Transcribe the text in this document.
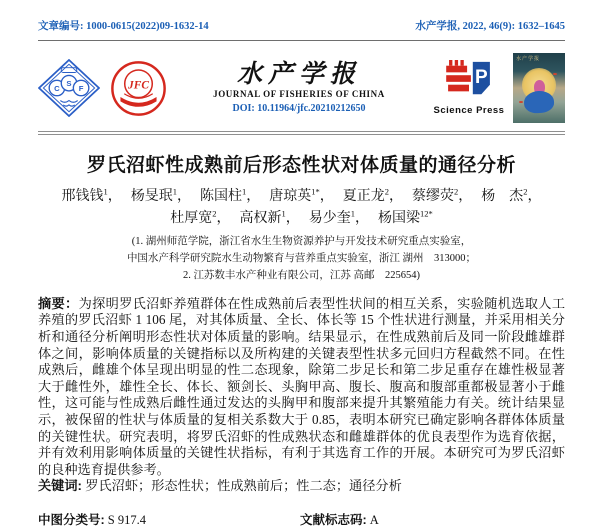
文章编号: 1000-0615(2022)09-1632-14	水产学报, 2022, 46(9): 1632–1645
C
S
F	JFC	水产学报
JOURNAL OF FISHERIES OF CHINA
DOI: 10.11964/jfc.20210212650
P
Science Press
水产学报
罗氏沼虾性成熟前后形态性状对体质量的通径分析
邢钱钱$^1$， 杨旻珉$^1$， 陈国柱$^1$， 唐琼英$^{1*}$， 夏正龙$^2$， 蔡缪荧$^2$， 杨　杰$^2$，
杜厚宽$^2$， 高权新$^1$， 易少奎$^1$， 杨国梁$^{12*}$
(1. 湖州师范学院，浙江省水生生物资源养护与开发技术研究重点实验室，
中国水产科学研究院水生动物繁育与营养重点实验室，浙江 湖州　313000；
2. 江苏数丰水产种业有限公司，江苏 高邮　225654)
摘要：为探明罗氏沼虾养殖群体在性成熟前后表型性状间的相互关系，实验随机选取人工
养殖的罗氏沼虾 1 106 尾，对其体质量、全长、体长等 15 个性状进行测量，并采用相关分
析和通径分析阐明形态性状对体质量的影响。结果显示，在性成熟前后及同一阶段雌雄群
体之间，影响体质量的关键指标以及所构建的关键表型性状多元回归方程截然不同。在性
成熟后，雌雄个体呈现出明显的性二态现象，除第二步足长和第二步足重存在雄性极显著
大于雌性外，雄性全长、体长、额剑长、头胸甲高、腹长、腹高和腹部重都极显著小于雌
性，这可能与性成熟后雌性通过发达的头胸甲和腹部来提升其繁殖能力有关。统计结果显
示，被保留的性状与体质量的复相关系数大于 0.85，表明本研究已确定影响各群体体质量
的关键性状。研究表明，将罗氏沼虾的性成熟状态和雌雄群体的优良表型作为选育依据，
并有效利用影响体质量的关键性状指标，有利于其选育工作的开展。本研究可为罗氏沼虾
的良种选育提供参考。
关键词: 罗氏沼虾；形态性状；性成熟前后；性二态；通径分析
中图分类号: S 917.4	文献标志码: A
